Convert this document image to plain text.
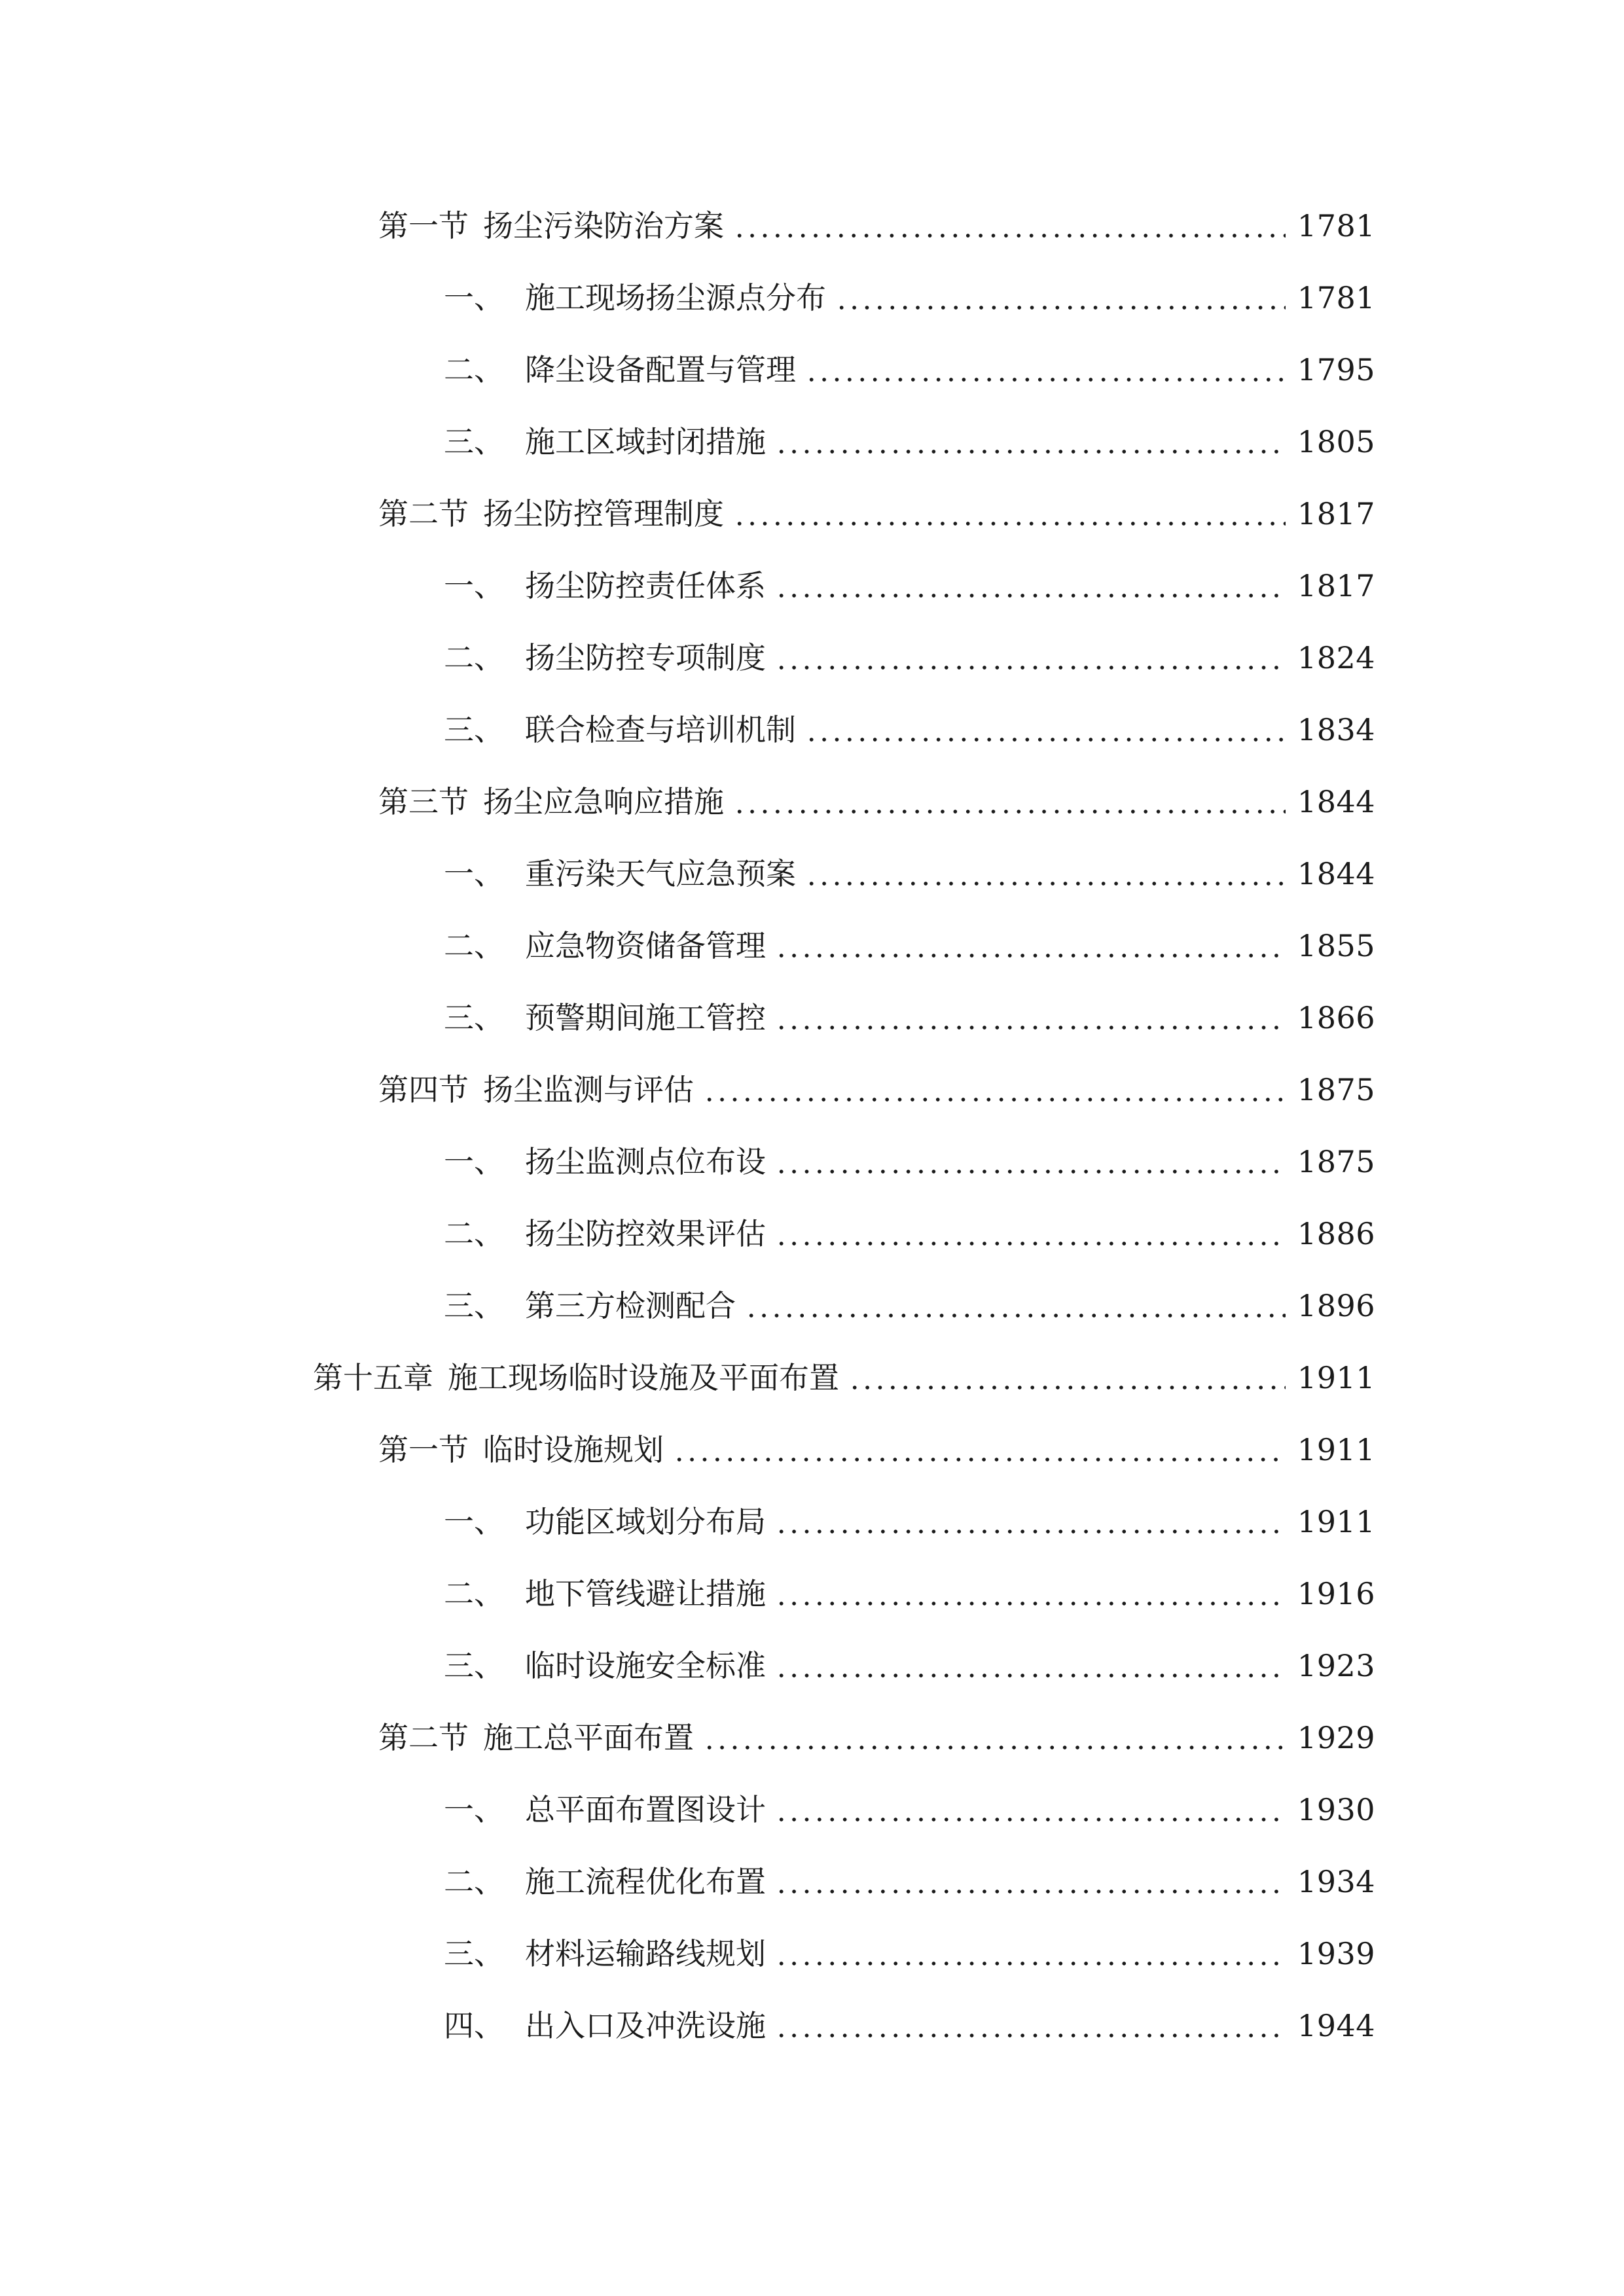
第一节 扬尘污染防治方案	1781
一、 施工现场扬尘源点分布	1781
二、 降尘设备配置与管理	1795
三、 施工区域封闭措施	1805
第二节 扬尘防控管理制度	1817
一、 扬尘防控责任体系	1817
二、 扬尘防控专项制度	1824
三、 联合检查与培训机制	1834
第三节 扬尘应急响应措施	1844
一、 重污染天气应急预案	1844
二、 应急物资储备管理	1855
三、 预警期间施工管控	1866
第四节 扬尘监测与评估	1875
一、 扬尘监测点位布设	1875
二、 扬尘防控效果评估	1886
三、 第三方检测配合	1896
第十五章 施工现场临时设施及平面布置	1911
第一节 临时设施规划	1911
一、 功能区域划分布局	1911
二、 地下管线避让措施	1916
三、 临时设施安全标准	1923
第二节 施工总平面布置	1929
一、 总平面布置图设计	1930
二、 施工流程优化布置	1934
三、 材料运输路线规划	1939
四、 出入口及冲洗设施	1944
